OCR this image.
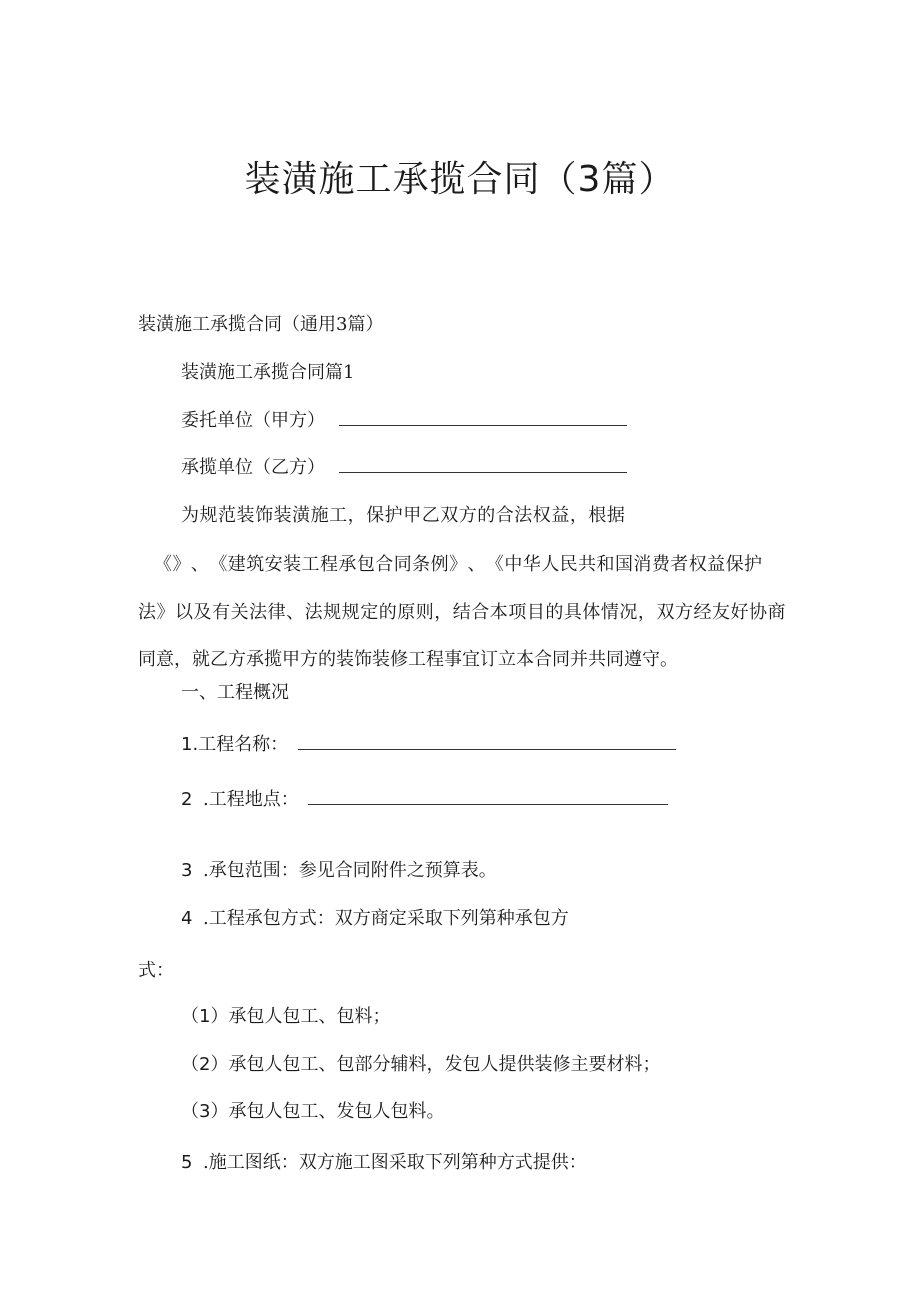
装潢施工承揽合同（3篇）

装潢施工承揽合同（通用3篇）

装潢施工承揽合同篇1

委托单位（甲方）

承揽单位（乙方）

为 规 范 装 饰 装 潢 施 工 ， 保 护 甲 乙 双 方 的 合 法 权 益 ， 根 据

《 》 、 《 建 筑 安 装 工 程 承 包 合 同 条 例 》 、 《 中 华 人 民 共 和 国 消 费 者 权 益 保 护

法 》 以 及 有 关 法 律 、 法 规 规 定 的 原 则 ， 结 合 本 项 目 的 具 体 情 况 ， 双 方 经 友 好 协 商

同意，就乙方承揽甲方的装饰装修工程事宜订立本合同并共同遵守。

一、工程概况

1.工程名称：

2 .工程地点：

3 .承包范围：参见合同附件之预算表。

4 .工程承包方式：双方商定采取下列第种承包方

式：

（1）承包人包工、包料；

（2）承包人包工、包部分辅料，发包人提供装修主要材料；

（3）承包人包工、发包人包料。

5 .施工图纸：双方施工图采取下列第种方式提供：
